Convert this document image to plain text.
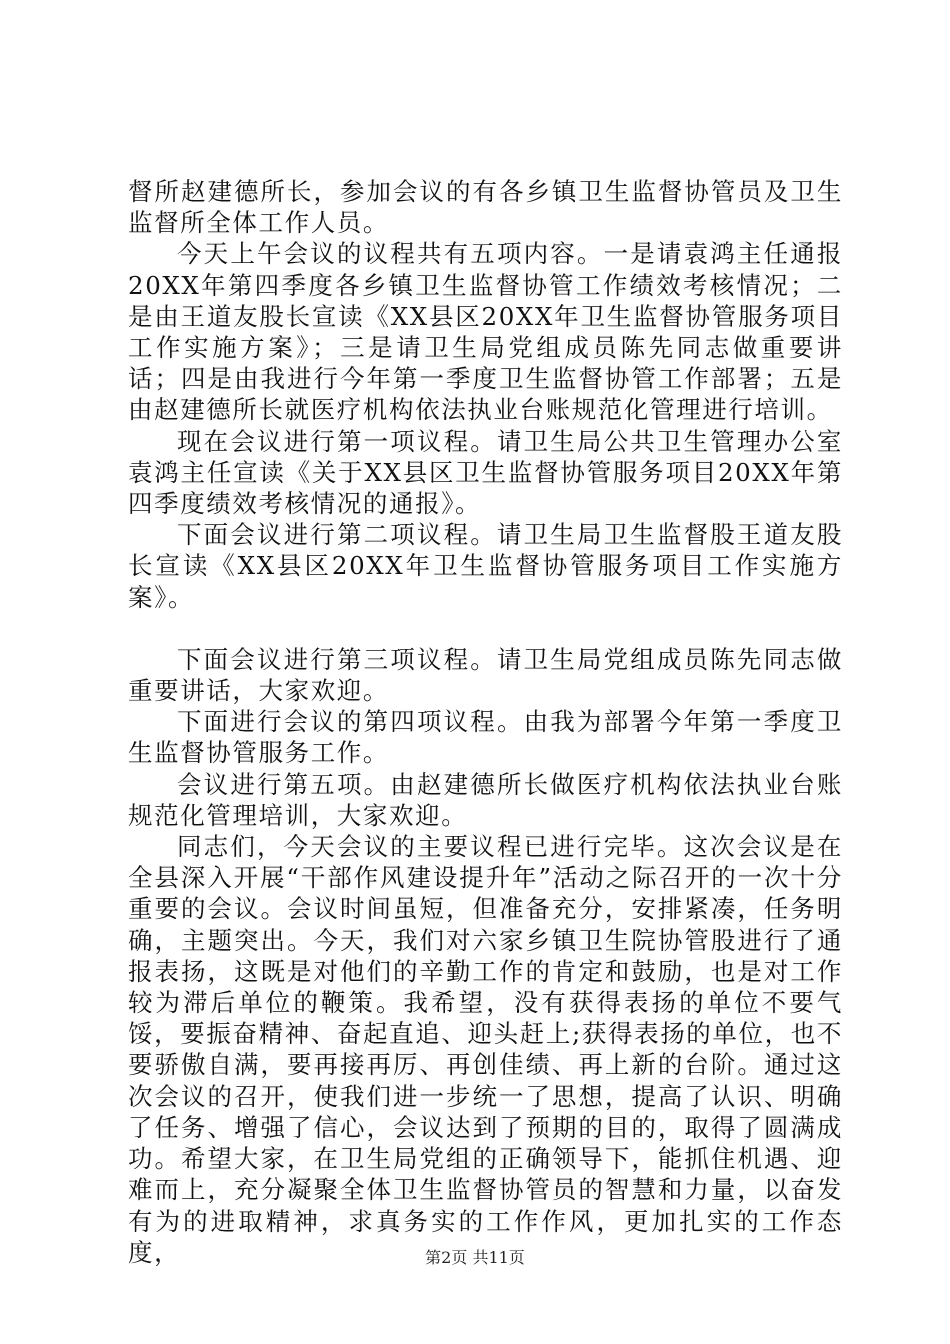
督所赵建德所长，参加会议的有各乡镇卫生监督协管员及卫生监督所全体工作人员。

今天上午会议的议程共有五项内容。一是请袁鸿主任通报20XX年第四季度各乡镇卫生监督协管工作绩效考核情况；二是由王道友股长宣读《XX县区20XX年卫生监督协管服务项目工作实施方案》；三是请卫生局党组成员陈先同志做重要讲话；四是由我进行今年第一季度卫生监督协管工作部署；五是由赵建德所长就医疗机构依法执业台账规范化管理进行培训。

现在会议进行第一项议程。请卫生局公共卫生管理办公室袁鸿主任宣读《关于XX县区卫生监督协管服务项目20XX年第四季度绩效考核情况的通报》。

下面会议进行第二项议程。请卫生局卫生监督股王道友股长宣读《XX县区20XX年卫生监督协管服务项目工作实施方案》。

下面会议进行第三项议程。请卫生局党组成员陈先同志做重要讲话，大家欢迎。

下面进行会议的第四项议程。由我为部署今年第一季度卫生监督协管服务工作。

会议进行第五项。由赵建德所长做医疗机构依法执业台账规范化管理培训，大家欢迎。

同志们，今天会议的主要议程已进行完毕。这次会议是在全县深入开展“干部作风建设提升年”活动之际召开的一次十分重要的会议。会议时间虽短，但准备充分，安排紧凑，任务明确，主题突出。今天，我们对六家乡镇卫生院协管股进行了通报表扬，这既是对他们的辛勤工作的肯定和鼓励，也是对工作较为滞后单位的鞭策。我希望，没有获得表扬的单位不要气馁，要振奋精神、奋起直追、迎头赶上;获得表扬的单位，也不要骄傲自满，要再接再厉、再创佳绩、再上新的台阶。通过这次会议的召开，使我们进一步统一了思想，提高了认识、明确了任务、增强了信心，会议达到了预期的目的，取得了圆满成功。希望大家，在卫生局党组的正确领导下，能抓住机遇、迎难而上，充分凝聚全体卫生监督协管员的智慧和力量，以奋发有为的进取精神，求真务实的工作作风，更加扎实的工作态度，	第2页 共11页
